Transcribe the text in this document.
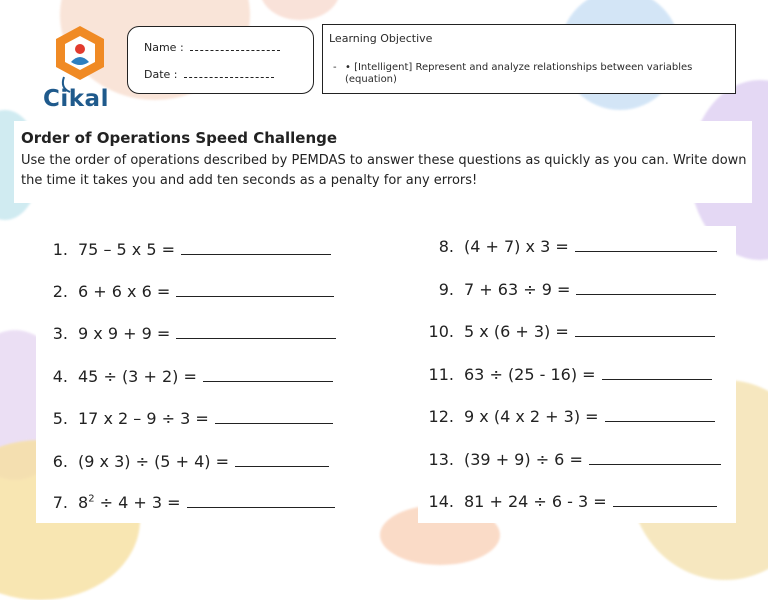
Cikal
Name :
Date :
Learning Objective
- • [Intelligent] Represent and analyze relationships between variables (equation)
Order of Operations Speed Challenge

Use the order of operations described by PEMDAS to answer these questions as quickly as you can. Write down the time it takes you and add ten seconds as a penalty for any errors!

1. 75 – 5 x 5 =
2. 6 + 6 x 6 =
3. 9 x 9 + 9 =
4. 45 ÷ (3 + 2) =
5. 17 x 2 – 9 ÷ 3 =
6. (9 x 3) ÷ (5 + 4) =
7. $8^2 \div 4 + 3$ =
8. (4 + 7) x 3 =
9. 7 + 63 ÷ 9 =
10. 5 x (6 + 3) =
11. 63 ÷ (25 - 16) =
12. 9 x (4 x 2 + 3) =
13. (39 + 9) ÷ 6 =
14. 81 + 24 ÷ 6 - 3 =
